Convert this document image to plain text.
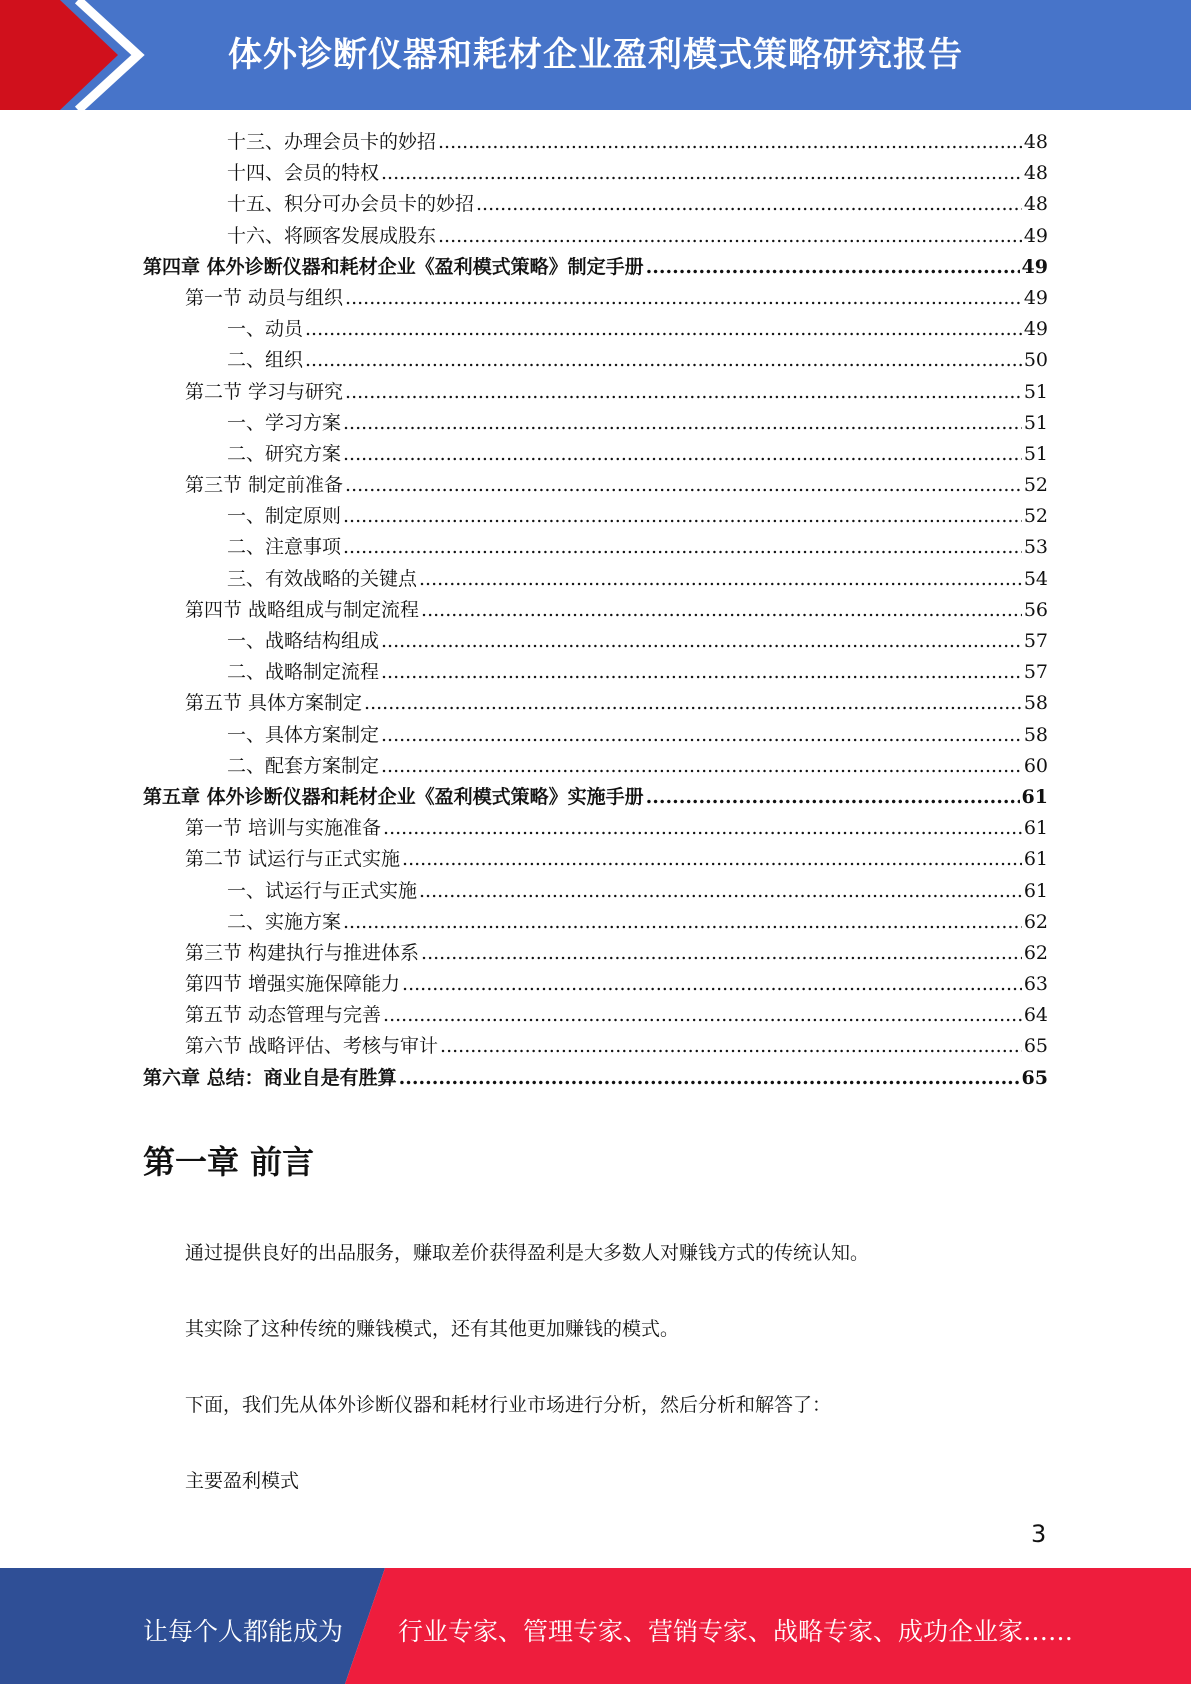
体外诊断仪器和耗材企业盈利模式策略研究报告
十三、办理会员卡的妙招 .....	48
十四、会员的特权 .....	48
十五、积分可办会员卡的妙招 .....	48
十六、将顾客发展成股东 .....	49
第四章 体外诊断仪器和耗材企业《盈利模式策略》制定手册 .....	49
第一节 动员与组织 .....	49
一、动员 .....	49
二、组织 .....	50
第二节 学习与研究 .....	51
一、学习方案 .....	51
二、研究方案 .....	51
第三节 制定前准备 .....	52
一、制定原则 .....	52
二、注意事项 .....	53
三、有效战略的关键点 .....	54
第四节 战略组成与制定流程 .....	56
一、战略结构组成 .....	57
二、战略制定流程 .....	57
第五节 具体方案制定 .....	58
一、具体方案制定 .....	58
二、配套方案制定 .....	60
第五章 体外诊断仪器和耗材企业《盈利模式策略》实施手册 .....	61
第一节 培训与实施准备 .....	61
第二节 试运行与正式实施 .....	61
一、试运行与正式实施 .....	61
二、实施方案 .....	62
第三节 构建执行与推进体系 .....	62
第四节 增强实施保障能力 .....	63
第五节 动态管理与完善 .....	64
第六节 战略评估、考核与审计 .....	65
第六章 总结：商业自是有胜算 .....	65
第一章 前言
通过提供良好的出品服务，赚取差价获得盈利是大多数人对赚钱方式的传统认知。
其实除了这种传统的赚钱模式，还有其他更加赚钱的模式。
下面，我们先从体外诊断仪器和耗材行业市场进行分析，然后分析和解答了：
主要盈利模式
3
让每个人都能成为 行业专家、管理专家、营销专家、战略专家、成功企业家……
